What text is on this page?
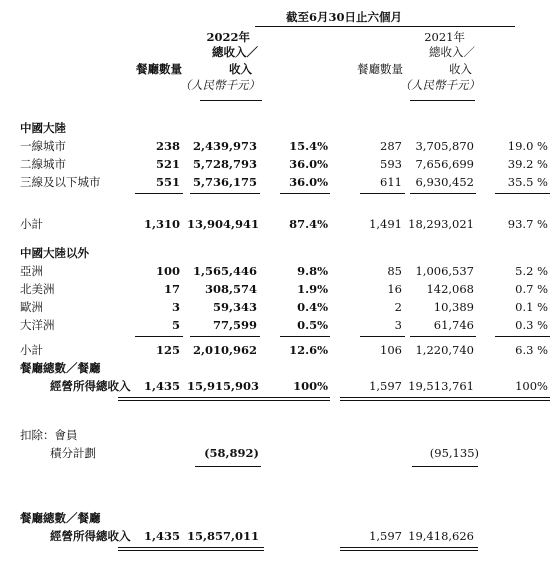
截至6月30日止六個月
2022年	2021年
總收入／	總收入／
餐廳數量	收入	餐廳數量	收入
（人民幣千元）	（人民幣千元）
中國大陸
一線城市	238	2,439,973	15.4%	287	3,705,870	19.0 %
二線城市	521	5,728,793	36.0%	593	7,656,699	39.2 %
三線及以下城市	551	5,736,175	36.0%	611	6,930,452	35.5 %
小計	1,310 13,904,941	87.4%	1,491 18,293,021	93.7 %
中國大陸以外
亞洲	100	1,565,446	9.8%	85	1,006,537	5.2 %
北美洲	17	308,574	1.9%	16	142,068	0.7 %
歐洲	3	59,343	0.4%	2	10,389	0.1 %
大洋洲	5	77,599	0.5%	3	61,746	0.3 %
小計	125	2,010,962	12.6%	106	1,220,740	6.3 %
餐廳總數／餐廳
經營所得總收入	1,435 15,915,903	100%	1,597 19,513,761	100%
扣除：會員
積分計劃	(58,892)	(95,135)
餐廳總數／餐廳
經營所得總收入	1,435 15,857,011	1,597 19,418,626
